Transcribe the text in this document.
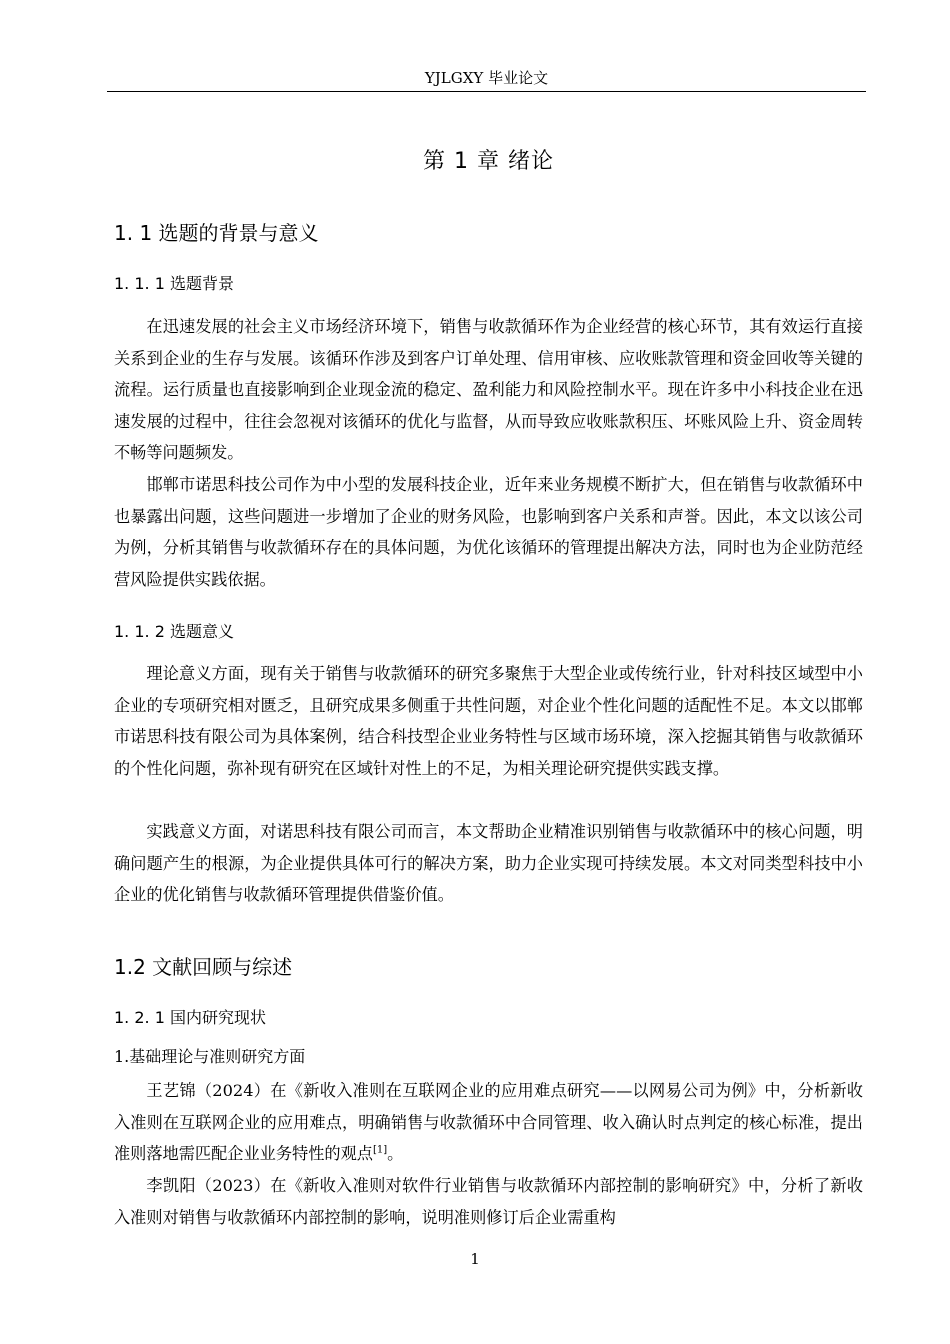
YJLGXY 毕业论文
第 1 章 绪论
1. 1 选题的背景与意义
1. 1. 1 选题背景

在迅速发展的社会主义市场经济环境下，销售与收款循环作为企业经营的核心环节，其有效运行直接关系到企业的生存与发展。该循环作涉及到客户订单处理、信用审核、应收账款管理和资金回收等关键的流程。运行质量也直接影响到企业现金流的稳定、盈利能力和风险控制水平。现在许多中小科技企业在迅速发展的过程中，往往会忽视对该循环的优化与监督，从而导致应收账款积压、坏账风险上升、资金周转不畅等问题频发。

邯郸市诺思科技公司作为中小型的发展科技企业，近年来业务规模不断扩大，但在销售与收款循环中也暴露出问题，这些问题进一步增加了企业的财务风险，也影响到客户关系和声誉。因此，本文以该公司为例，分析其销售与收款循环存在的具体问题，为优化该循环的管理提出解决方法，同时也为企业防范经营风险提供实践依据。

1. 1. 2 选题意义

理论意义方面，现有关于销售与收款循环的研究多聚焦于大型企业或传统行业，针对科技区域型中小企业的专项研究相对匮乏，且研究成果多侧重于共性问题，对企业个性化问题的适配性不足。本文以邯郸市诺思科技有限公司为具体案例，结合科技型企业业务特性与区域市场环境，深入挖掘其销售与收款循环的个性化问题，弥补现有研究在区域针对性上的不足，为相关理论研究提供实践支撑。

实践意义方面，对诺思科技有限公司而言，本文帮助企业精准识别销售与收款循环中的核心问题，明确问题产生的根源，为企业提供具体可行的解决方案，助力企业实现可持续发展。本文对同类型科技中小企业的优化销售与收款循环管理提供借鉴价值。

1.2 文献回顾与综述
1. 2. 1 国内研究现状
1.基础理论与准则研究方面

王艺锦（2024）在《新收入准则在互联网企业的应用难点研究——以网易公司为例》中，分析新收入准则在互联网企业的应用难点，明确销售与收款循环中合同管理、收入确认时点判定的核心标准，提出准则落地需匹配企业业务特性的观点[1]。

李凯阳（2023）在《新收入准则对软件行业销售与收款循环内部控制的影响研究》中，分析了新收入准则对销售与收款循环内部控制的影响，说明准则修订后企业需重构

1
